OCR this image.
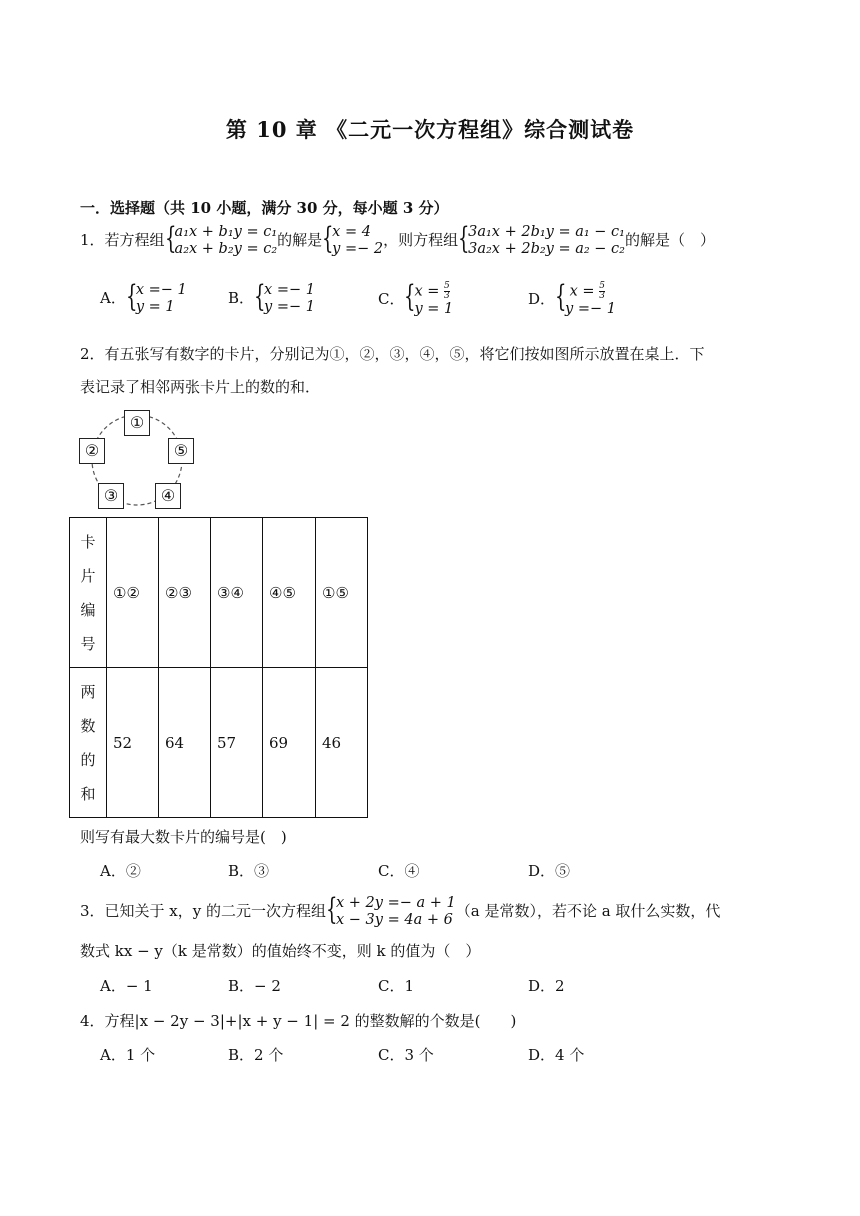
第 10 章 《二元一次方程组》综合测试卷
一．选择题（共 10 小题，满分 30 分，每小题 3 分）
1．若方程组 {
a₁x + b₁y = c₁
a₂x + b₂y = c₂ 的解是 {
x = 4
y =− 2 ，则方程组 {
3a₁x + 2b₁y = a₁ − c₁
3a₂x + 2b₂y = a₂ − c₂ 的解是（　）
A． {
x =− 1
y = 1	B． {
x =− 1
y =− 1	C． {
$x = \frac{5}{3}$
y = 1
D． { $x = \frac{5}{3}$
y =− 1
2．有五张写有数字的卡片，分别记为①，②，③，④，⑤，将它们按如图所示放置在桌上．下
表记录了相邻两张卡片上的数的和．
①
②	⑤
③	④
卡
片
编
号	①②	②③	③④	④⑤	①⑤

两
数
的
和	52	64	57	69	46
则写有最大数卡片的编号是(　)
A．②	B．③	C．④	D．⑤
3．已知关于 x，y 的二元一次方程组 {
x + 2y =− a + 1
x − 3y = 4a + 6 （a 是常数），若不论 a 取什么实数，代
数式 kx − y（k 是常数）的值始终不变，则 k 的值为（　）
A．− 1	B．− 2	C．1	D．2
4．方程|x − 2y − 3|+|x + y − 1| = 2 的整数解的个数是(　　)
A．1 个	B．2 个	C．3 个	D．4 个
